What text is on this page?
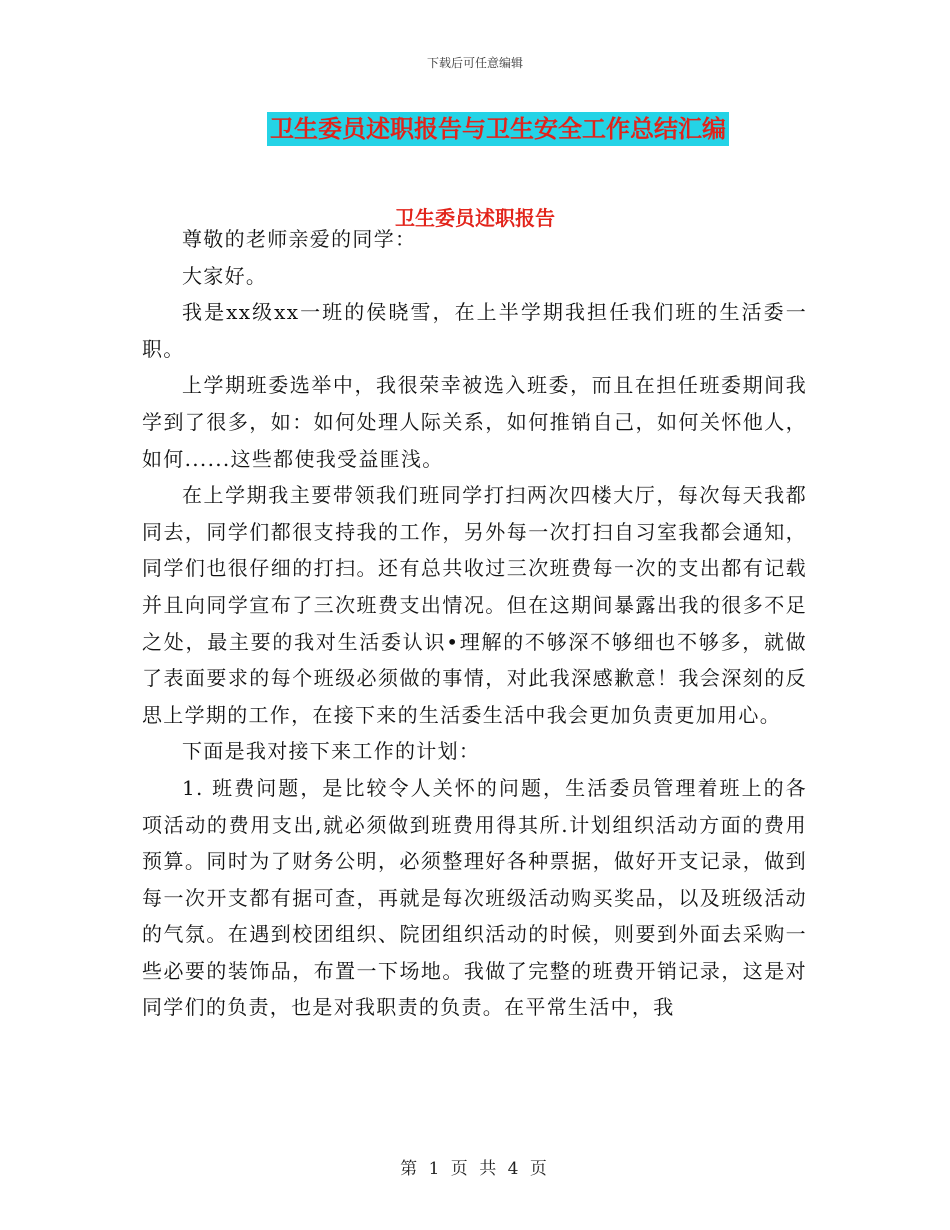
下载后可任意编辑
卫生委员述职报告与卫生安全工作总结汇编
卫生委员述职报告

尊敬的老师亲爱的同学：

大家好。

我是xx级xx一班的侯晓雪，在上半学期我担任我们班的生活委一职。

上学期班委选举中，我很荣幸被选入班委，而且在担任班委期间我学到了很多，如：如何处理人际关系，如何推销自己，如何关怀他人，如何......这些都使我受益匪浅。

在上学期我主要带领我们班同学打扫两次四楼大厅，每次每天我都同去，同学们都很支持我的工作，另外每一次打扫自习室我都会通知，同学们也很仔细的打扫。还有总共收过三次班费每一次的支出都有记载并且向同学宣布了三次班费支出情况。但在这期间暴露出我的很多不足之处，最主要的我对生活委认识•理解的不够深不够细也不够多，就做了表面要求的每个班级必须做的事情，对此我深感歉意！我会深刻的反思上学期的工作，在接下来的生活委生活中我会更加负责更加用心。

下面是我对接下来工作的计划：

1. 班费问题，是比较令人关怀的问题，生活委员管理着班上的各项活动的费用支出,就必须做到班费用得其所.计划组织活动方面的费用预算。同时为了财务公明，必须整理好各种票据，做好开支记录，做到每一次开支都有据可查，再就是每次班级活动购买奖品，以及班级活动的气氛。在遇到校团组织、院团组织活动的时候，则要到外面去采购一些必要的装饰品，布置一下场地。我做了完整的班费开销记录，这是对同学们的负责，也是对我职责的负责。在平常生活中，我

第 1 页 共 4 页
